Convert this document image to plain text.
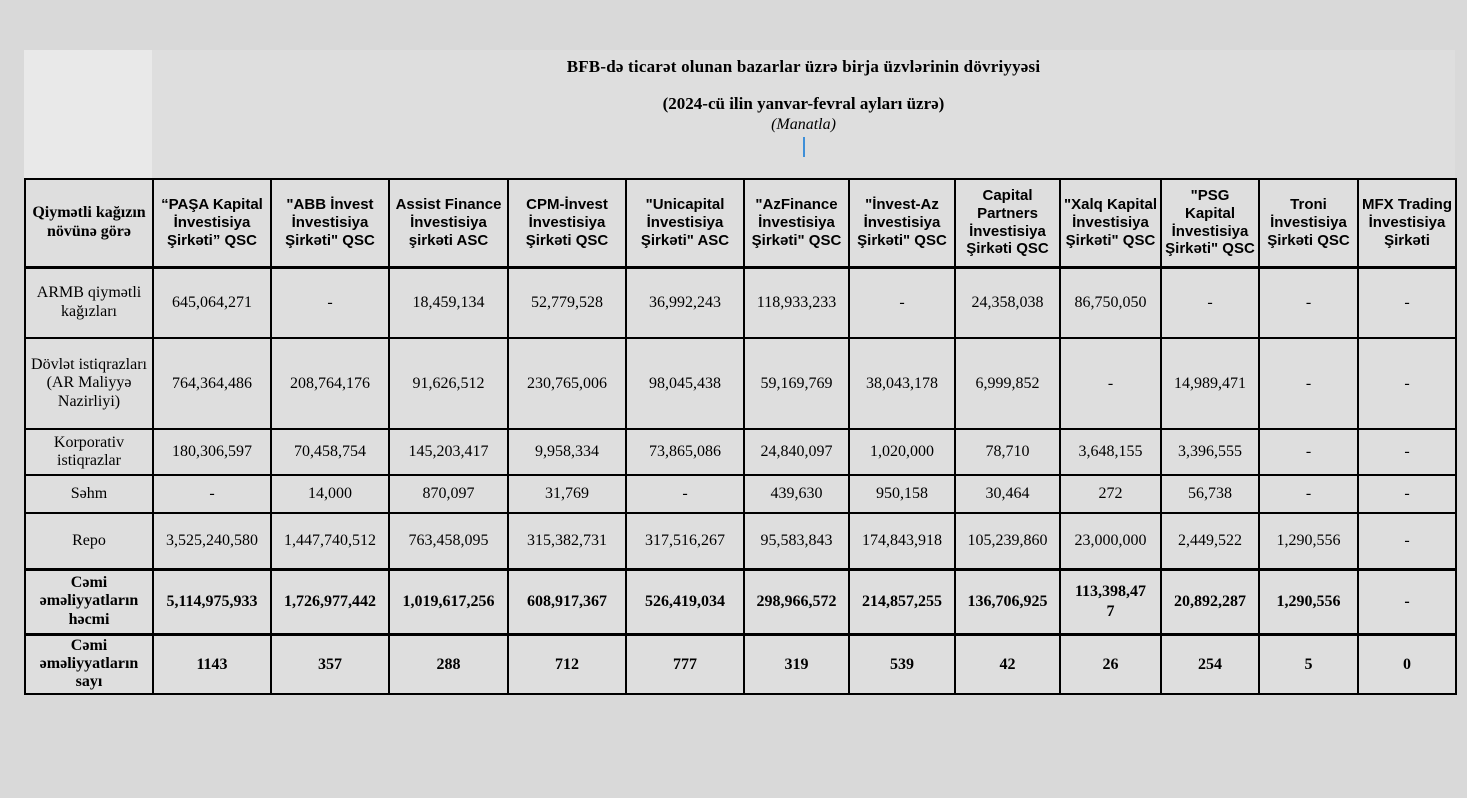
BFB-də ticarət olunan bazarlar üzrə birja üzvlərinin dövriyyəsi
(2024-cü ilin yanvar-fevral ayları üzrə)
(Manatla)
Qiymətli kağızın növünə görə	“PAŞA Kapital İnvestisiya Şirkəti” QSC	"ABB İnvest İnvestisiya Şirkəti" QSC	Assist Finance İnvestisiya şirkəti ASC	CPM-İnvest İnvestisiya Şirkəti QSC	"Unicapital İnvestisiya Şirkəti" ASC	"AzFinance İnvestisiya Şirkəti" QSC	"İnvest-Az İnvestisiya Şirkəti" QSC	Capital Partners İnvestisiya Şirkəti QSC	"Xalq Kapital İnvestisiya Şirkəti" QSC	"PSG Kapital İnvestisiya Şirkəti" QSC	Troni İnvestisiya Şirkəti QSC	MFX Trading İnvestisiya Şirkəti
ARMB qiymətli kağızları	645,064,271	-	18,459,134	52,779,528	36,992,243	118,933,233	-	24,358,038	86,750,050	-	-	-
Dövlət istiqrazları (AR Maliyyə Nazirliyi)	764,364,486	208,764,176	91,626,512	230,765,006	98,045,438	59,169,769	38,043,178	6,999,852	-	14,989,471	-	-
Korporativ istiqrazlar	180,306,597	70,458,754	145,203,417	9,958,334	73,865,086	24,840,097	1,020,000	78,710	3,648,155	3,396,555	-	-
Səhm	-	14,000	870,097	31,769	-	439,630	950,158	30,464	272	56,738	-	-
Repo	3,525,240,580	1,447,740,512	763,458,095	315,382,731	317,516,267	95,583,843	174,843,918	105,239,860	23,000,000	2,449,522	1,290,556	-
Cəmi əməliyyatların həcmi	5,114,975,933	1,726,977,442	1,019,617,256	608,917,367	526,419,034	298,966,572	214,857,255	136,706,925	113,398,477	20,892,287	1,290,556	-
Cəmi əməliyyatların sayı	1143	357	288	712	777	319	539	42	26	254	5	0
